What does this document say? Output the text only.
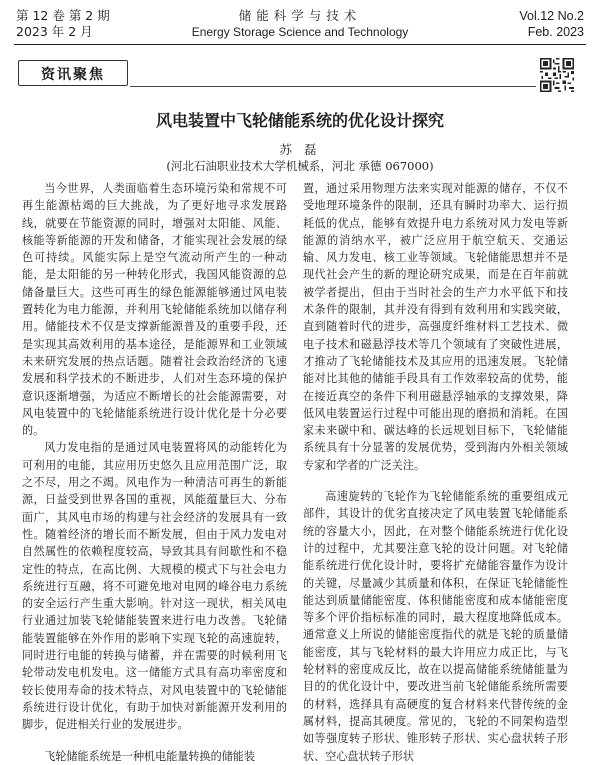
第 12 卷 第 2 期
2023 年 2 月
储能科学与技术
Energy Storage Science and Technology
Vol.12 No.2
Feb. 2023
资讯聚焦
风电装置中飞轮储能系统的优化设计探究
苏 磊
(河北石油职业技术大学机械系，河北 承德 067000)

当今世界，人类面临着生态环境污染和常规不可再生能源枯竭的巨大挑战，为了更好地寻求发展路线，就要在节能资源的同时，增强对太阳能、风能、核能等新能源的开发和储备，才能实现社会发展的绿色可持续。风能实际上是空气流动所产生的一种动能，是太阳能的另一种转化形式，我国风能资源的总储备量巨大。这些可再生的绿色能源能够通过风电装置转化为电力能源，并利用飞轮储能系统加以储存利用。储能技术不仅是支撑新能源普及的重要手段，还是实现其高效利用的基本途径，是能源界和工业领域未来研究发展的热点话题。随着社会政治经济的飞速发展和科学技术的不断进步，人们对生态环境的保护意识逐渐增强，为适应不断增长的社会能源需要，对风电装置中的飞轮储能系统进行设计优化是十分必要的。

风力发电指的是通过风电装置将风的动能转化为可利用的电能，其应用历史悠久且应用范围广泛，取之不尽，用之不竭。风电作为一种清洁可再生的新能源，日益受到世界各国的重视，风能蕴量巨大、分布面广，其风电市场的构建与社会经济的发展具有一致性。随着经济的增长而不断发展，但由于风力发电对自然属性的依赖程度较高，导致其具有间歇性和不稳定性的特点，在高比例、大规模的模式下与社会电力系统进行互融，将不可避免地对电网的峰谷电力系统的安全运行产生重大影响。针对这一现状，相关风电行业通过加装飞轮储能装置来进行电力改善。飞轮储能装置能够在外作用的影响下实现飞轮的高速旋转，同时进行电能的转换与储蓄，并在需要的时候利用飞轮带动发电机发电。这一储能方式具有高功率密度和较长使用寿命的技术特点，对风电装置中的飞轮储能系统进行设计优化，有助于加快对新能源开发利用的脚步，促进相关行业的发展进步。

飞轮储能系统是一种机电能量转换的储能装

置，通过采用物理方法来实现对能源的储存，不仅不受地理环境条件的限制，还具有瞬时功率大、运行损耗低的优点，能够有效提升电力系统对风力发电等新能源的消纳水平，被广泛应用于航空航天、交通运输、风力发电、核工业等领域。飞轮储能思想并不是现代社会产生的新的理论研究成果，而是在百年前就被学者提出，但由于当时社会的生产力水平低下和技术条件的限制，其并没有得到有效利用和实践突破，直到随着时代的进步，高强度纤维材料工艺技术、微电子技术和磁悬浮技术等几个领域有了突破性进展，才推动了飞轮储能技术及其应用的迅速发展。飞轮储能对比其他的储能手段具有工作效率较高的优势，能在接近真空的条件下利用磁悬浮轴承的支撑效果，降低风电装置运行过程中可能出现的磨损和消耗。在国家未来碳中和、碳达峰的长远规划目标下，飞轮储能系统具有十分显著的发展优势，受到海内外相关领域专家和学者的广泛关注。

高速旋转的飞轮作为飞轮储能系统的重要组成元部件，其设计的优劣直接决定了风电装置飞轮储能系统的容量大小，因此，在对整个储能系统进行优化设计的过程中，尤其要注意飞轮的设计问题。对飞轮储能系统进行优化设计时，要将扩充储能容量作为设计的关键，尽量减少其质量和体积，在保证飞轮储能性能达到质量储能密度、体积储能密度和成本储能密度等多个评价指标标准的同时，最大程度地降低成本。通常意义上所说的储能密度指代的就是飞轮的质量储能密度，其与飞轮材料的最大许用应力成正比，与飞轮材料的密度成反比，故在以提高储能系统储能量为目的的优化设计中，要改进当前飞轮储能系统所需要的材料，选择具有高硬度的复合材料来代替传统的金属材料，提高其硬度。常见的，飞轮的不同架构造型如等强度转子形状、锥形转子形状、实心盘状转子形状、空心盘状转子形状
